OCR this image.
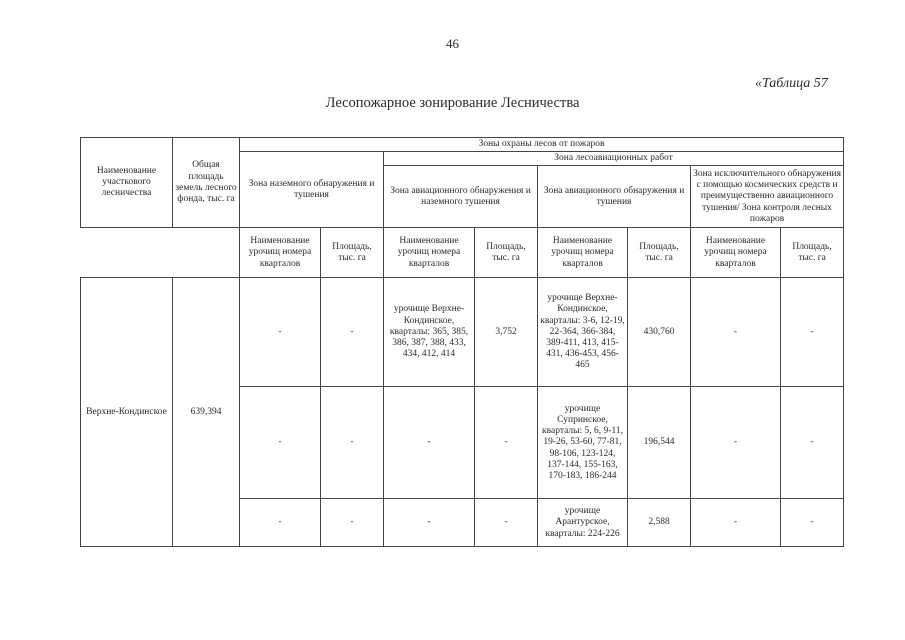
46
«Таблица 57
Лесопожарное зонирование Лесничества
Наименование участкового лесничества	Общая площадь земель лесного фонда, тыс. га	Зоны охраны лесов от пожаров							
		Зона наземного обнаружения и тушения		Зона лесоавиационных работ					
				Зона авиационного обнаружения и наземного тушения		Зона авиационного обнаружения и тушения		Зона исключительного обнаружения с помощью космических средств и преимущественно авиационного тушения/ Зона контроля лесных пожаров	
		Наименование урочищ номера кварталов	Площадь, тыс. га	Наименование урочищ номера кварталов	Площадь, тыс. га	Наименование урочищ номера кварталов	Площадь, тыс. га	Наименование урочищ номера кварталов	Площадь, тыс. га
Верхне-Кондинское	639,394	-	-	урочище Верхне-Кондинское, кварталы: 365, 385, 386, 387, 388, 433, 434, 412, 414	3,752	урочище Верхне-Кондинское, кварталы: 3-6, 12-19, 22-364, 366-384, 389-411, 413, 415-431, 436-453, 456-465	430,760	-	-
		-	-	-	-	урочище Супринское, кварталы: 5, 6, 9-11, 19-26, 53-60, 77-81, 98-106, 123-124, 137-144, 155-163, 170-183, 186-244	196,544	-	-
		-	-	-	-	урочище Арантурское, кварталы: 224-226	2,588	-	-
